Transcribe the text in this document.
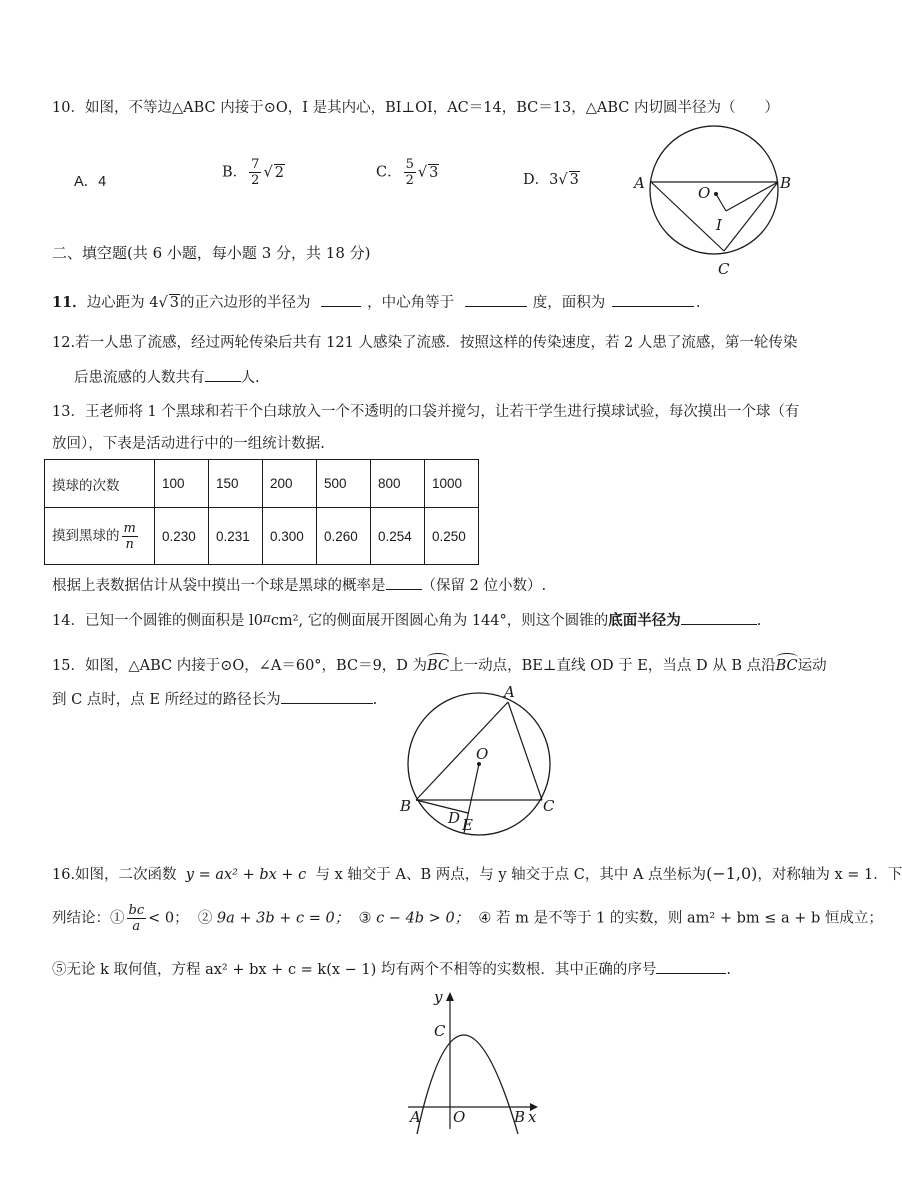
10．如图，不等边△ABC 内接于⊙O，I 是其内心，BI⊥OI，AC＝14，BC＝13，△ABC 内切圆半径为（　　）
A．4
B． $\frac{7}{2}$ √ 2	C． $\frac{5}{2}$ √ 3	D．3√ 3	A	B
C
O
I
二、填空题(共 6 小题，每小题 3 分，共 18 分)
11．边心距为 4√ 3的正六边形的半径为	，中心角等于	度，面积为	.
12.若一人患了流感，经过两轮传染后共有 121 人感染了流感．按照这样的传染速度，若 2 人患了流感，第一轮传染
后患流感的人数共有 人.
13．王老师将 1 个黑球和若干个白球放入一个不透明的口袋并搅匀，让若干学生进行摸球试验，每次摸出一个球（有
放回），下表是活动进行中的一组统计数据.
摸球的次数	100	150	200	500	800	1000
摸到黑球的 $\frac{m}{n}$	0.230	0.231	0.300	0.260	0.254	0.250
根据上表数据估计从袋中摸出一个球是黑球的概率是 （保留 2 位小数）.
14．已知一个圆锥的侧面积是 $l0^\pi cm^2$, 它的侧面展开图圆心角为 144°，则这个圆锥的底面半径为	.
15．如图，△ABC 内接于⊙O，∠A＝60°，BC＝9，D 为BC上一动点，BE⊥直线 OD 于 E，当点 D 从 B 点沿BC运动
到 C 点时，点 E 所经过的路径长为	.	A
O
B	C
E
D
16.如图，二次函数 y = ax² + bx + c 与 x 轴交于 A、B 两点，与 y 轴交于点 C，其中 A 点坐标为(−1,0)，对称轴为 x = 1．下
列结论：① $\frac{bc}{a} < 0$； ② 9a + 3b + c = 0； ③ c − 4b > 0； ④ 若 m 是不等于 1 的实数，则 am² + bm ≤ a + b 恒成立；
⑤无论 k 取何值，方程 ax² + bx + c = k(x − 1) 均有两个不相等的实数根．其中正确的序号	.
y
C
A O	B x
